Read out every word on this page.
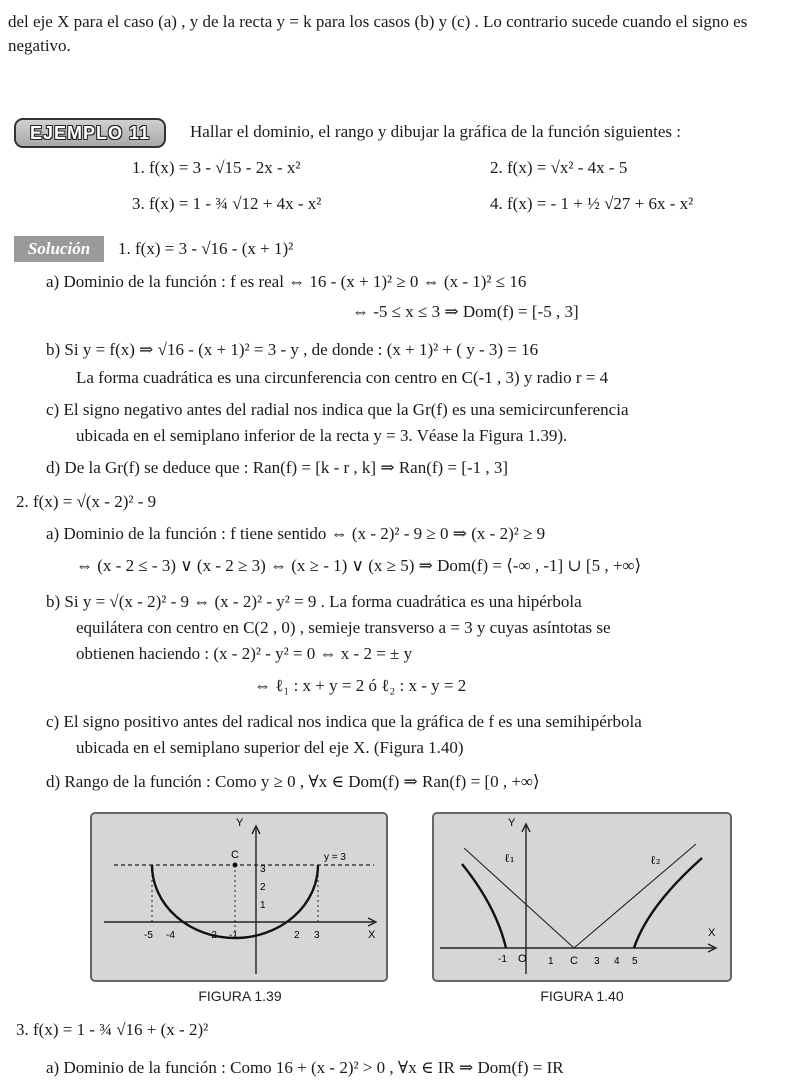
del eje X para el caso (a) , y de la recta y = k para los casos (b) y (c) . Lo contrario sucede cuando el signo es negativo.
EJEMPLO 11	Hallar el dominio, el rango y dibujar la gráfica de la función siguientes :
1. f(x) = 3 - √15 - 2x - x²	2. f(x) = √x² - 4x - 5
3. f(x) = 1 - ¾ √12 + 4x - x²	4. f(x) = - 1 + ½ √27 + 6x - x²
Solución	1. f(x) = 3 - √16 - (x + 1)²
a) Dominio de la función : f es real ⇔ 16 - (x + 1)² ≥ 0 ⇔ (x - 1)² ≤ 16
⇔ -5 ≤ x ≤ 3 ⇒ Dom(f) = [-5 , 3]
b) Si y = f(x) ⇒ √16 - (x + 1)² = 3 - y , de donde : (x + 1)² + ( y - 3) = 16
La forma cuadrática es una circunferencia con centro en C(-1 , 3) y radio r = 4
c) El signo negativo antes del radial nos indica que la Gr(f) es una semicircunferencia
ubicada en el semiplano inferior de la recta y = 3. Véase la Figura 1.39).
d) De la Gr(f) se deduce que : Ran(f) = [k - r , k] ⇒ Ran(f) = [-1 , 3]
2. f(x) = √(x - 2)² - 9
a) Dominio de la función : f tiene sentido ⇔ (x - 2)² - 9 ≥ 0 ⇒ (x - 2)² ≥ 9
⇔ (x - 2 ≤ - 3) ∨ (x - 2 ≥ 3) ⇔ (x ≥ - 1) ∨ (x ≥ 5) ⇒ Dom(f) = ⟨-∞ , -1] ∪ [5 , +∞⟩
b) Si y = √(x - 2)² - 9 ⇔ (x - 2)² - y² = 9 . La forma cuadrática es una hipérbola
equilátera con centro en C(2 , 0) , semieje transverso a = 3 y cuyas asíntotas se
obtienen haciendo : (x - 2)² - y² = 0 ⇔ x - 2 = ± y
⇔ ℓ₁ : x + y = 2 ó ℓ₂ : x - y = 2
c) El signo positivo antes del radical nos indica que la gráfica de f es una semihipérbola
ubicada en el semiplano superior del eje X. (Figura 1.40)
d) Rango de la función : Como y ≥ 0 , ∀x ∈ Dom(f) ⇒ Ran(f) = [0 , +∞⟩
Y
X
C	y = 3
3
2
1
-5 -4	-2 -1	2 3
FIGURA 1.39
Y
X
O	C
ℓ₁	ℓ₂
-1	1	3 4 5
FIGURA 1.40
3. f(x) = 1 - ¾ √16 + (x - 2)²
a) Dominio de la función : Como 16 + (x - 2)² > 0 , ∀x ∈ IR ⇒ Dom(f) = IR
